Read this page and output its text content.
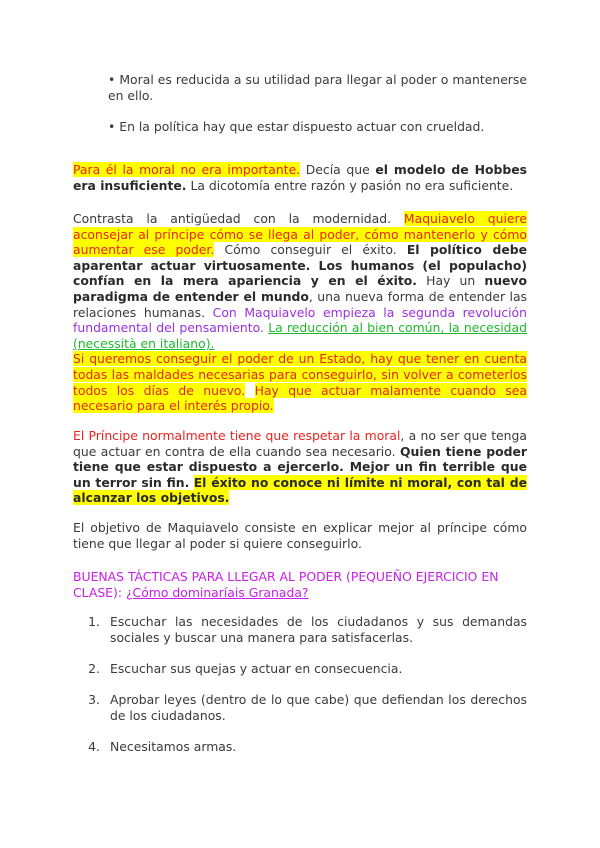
• Moral es reducida a su utilidad para llegar al poder o mantenerse en ello.
• En la política hay que estar dispuesto actuar con crueldad.
Para él la moral no era importante. Decía que el modelo de Hobbes era insuficiente. La dicotomía entre razón y pasión no era suficiente.
Contrasta la antigüedad con la modernidad. Maquiavelo quiere aconsejar al príncipe cómo se llega al poder, cómo mantenerlo y cómo aumentar ese poder. Cómo conseguir el éxito. El político debe aparentar actuar virtuosamente. Los humanos (el populacho) confían en la mera apariencia y en el éxito. Hay un nuevo paradigma de entender el mundo, una nueva forma de entender las relaciones humanas. Con Maquiavelo empieza la segunda revolución fundamental del pensamiento. La reducción al bien común, la necesidad (necessità en italiano).
Si queremos conseguir el poder de un Estado, hay que tener en cuenta todas las maldades necesarias para conseguirlo, sin volver a cometerlos todos los días de nuevo. Hay que actuar malamente cuando sea necesario para el interés propio.
El Príncipe normalmente tiene que respetar la moral, a no ser que tenga que actuar en contra de ella cuando sea necesario. Quien tiene poder tiene que estar dispuesto a ejercerlo. Mejor un fin terrible que un terror sin fin. El éxito no conoce ni límite ni moral, con tal de alcanzar los objetivos.
El objetivo de Maquiavelo consiste en explicar mejor al príncipe cómo tiene que llegar al poder si quiere conseguirlo.
BUENAS TÁCTICAS PARA LLEGAR AL PODER (PEQUEÑO EJERCICIO EN CLASE): ¿Cómo dominaríais Granada?
1. Escuchar las necesidades de los ciudadanos y sus demandas sociales y buscar una manera para satisfacerlas.
2. Escuchar sus quejas y actuar en consecuencia.
3. Aprobar leyes (dentro de lo que cabe) que defiendan los derechos de los ciudadanos.
4. Necesitamos armas.
